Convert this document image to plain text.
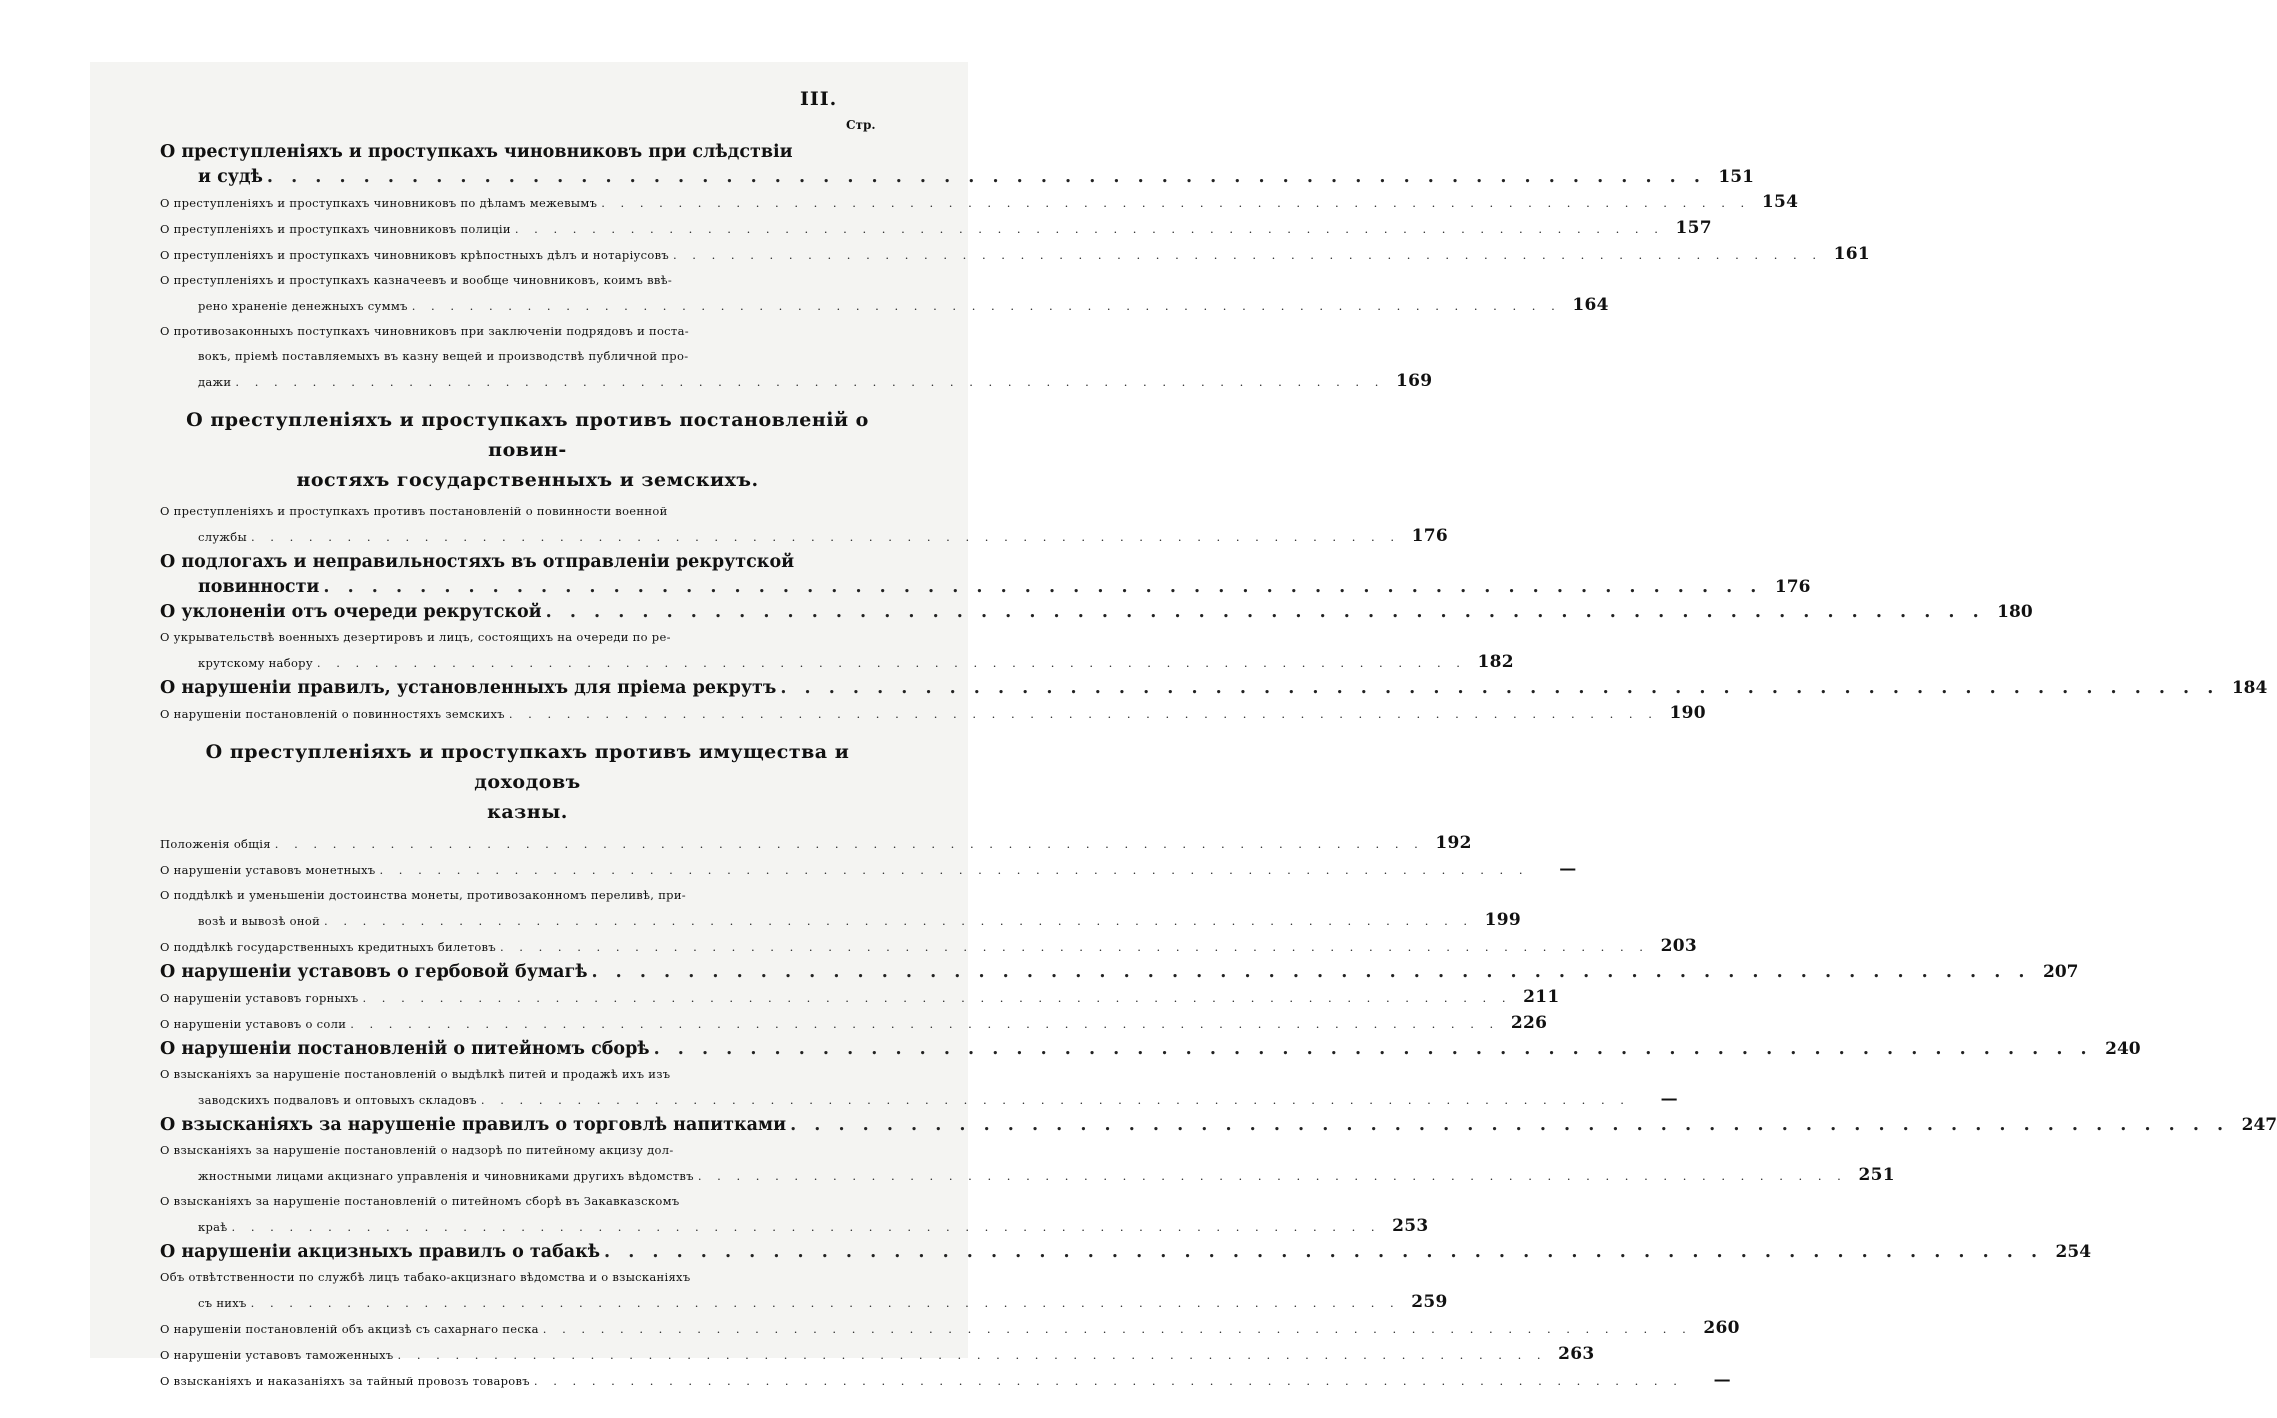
III.
Стр.
О преступленіяхъ и проступкахъ чиновниковъ при слѣдствіи
и судѣ . . . . . . . . . . . . . . . . . . . . . . . . . . . . . . . . . . . . . . . . . . . . . . . . . . . . . . . . . . . . 151
О преступленіяхъ и проступкахъ чиновниковъ по дѣламъ межевымъ . . . . . . . . . . . . . . . . . . . . . . . . . . . . . . . . . . . . . . . . . . . . . . . . . . . . . . . . . . . . 154
О преступленіяхъ и проступкахъ чиновниковъ полиціи . . . . . . . . . . . . . . . . . . . . . . . . . . . . . . . . . . . . . . . . . . . . . . . . . . . . . . . . . . . . 157
О преступленіяхъ и проступкахъ чиновниковъ крѣпостныхъ дѣлъ и нотаріусовъ . . . . . . . . . . . . . . . . . . . . . . . . . . . . . . . . . . . . . . . . . . . . . . . . . . . . . . . . . . . . 161
О преступленіяхъ и проступкахъ казначеевъ и вообще чиновниковъ, коимъ ввѣ-
рено храненіе денежныхъ суммъ . . . . . . . . . . . . . . . . . . . . . . . . . . . . . . . . . . . . . . . . . . . . . . . . . . . . . . . . . . . . 164
О противозаконныхъ поступкахъ чиновниковъ при заключеніи подрядовъ и поста-
вокъ, пріемѣ поставляемыхъ въ казну вещей и производствѣ публичной про-
дажи . . . . . . . . . . . . . . . . . . . . . . . . . . . . . . . . . . . . . . . . . . . . . . . . . . . . . . . . . . . . 169
О преступленіяхъ и проступкахъ противъ постановленій о повин-
ностяхъ государственныхъ и земскихъ.
О преступленіяхъ и проступкахъ противъ постановленій о повинности военной
службы . . . . . . . . . . . . . . . . . . . . . . . . . . . . . . . . . . . . . . . . . . . . . . . . . . . . . . . . . . . . 176
О подлогахъ и неправильностяхъ въ отправленіи рекрутской
повинности . . . . . . . . . . . . . . . . . . . . . . . . . . . . . . . . . . . . . . . . . . . . . . . . . . . . . . . . . . . . 176
О уклоненіи отъ очереди рекрутской . . . . . . . . . . . . . . . . . . . . . . . . . . . . . . . . . . . . . . . . . . . . . . . . . . . . . . . . . . . . 180
О укрывательствѣ военныхъ дезертировъ и лицъ, состоящихъ на очереди по ре-
крутскому набору . . . . . . . . . . . . . . . . . . . . . . . . . . . . . . . . . . . . . . . . . . . . . . . . . . . . . . . . . . . . 182
О нарушеніи правилъ, установленныхъ для пріема рекрутъ . . . . . . . . . . . . . . . . . . . . . . . . . . . . . . . . . . . . . . . . . . . . . . . . . . . . . . . . . . . . 184
О нарушеніи постановленій о повинностяхъ земскихъ . . . . . . . . . . . . . . . . . . . . . . . . . . . . . . . . . . . . . . . . . . . . . . . . . . . . . . . . . . . . 190
О преступленіяхъ и проступкахъ противъ имущества и доходовъ
казны.
Положенія общія . . . . . . . . . . . . . . . . . . . . . . . . . . . . . . . . . . . . . . . . . . . . . . . . . . . . . . . . . . . . 192
О нарушеніи уставовъ монетныхъ . . . . . . . . . . . . . . . . . . . . . . . . . . . . . . . . . . . . . . . . . . . . . . . . . . . . . . . . . . . .	—
О поддѣлкѣ и уменьшеніи достоинства монеты, противозаконномъ переливѣ, при-
возѣ и вывозѣ оной . . . . . . . . . . . . . . . . . . . . . . . . . . . . . . . . . . . . . . . . . . . . . . . . . . . . . . . . . . . . 199
О поддѣлкѣ государственныхъ кредитныхъ билетовъ . . . . . . . . . . . . . . . . . . . . . . . . . . . . . . . . . . . . . . . . . . . . . . . . . . . . . . . . . . . . 203
О нарушеніи уставовъ о гербовой бумагѣ . . . . . . . . . . . . . . . . . . . . . . . . . . . . . . . . . . . . . . . . . . . . . . . . . . . . . . . . . . . . 207
О нарушеніи уставовъ горныхъ . . . . . . . . . . . . . . . . . . . . . . . . . . . . . . . . . . . . . . . . . . . . . . . . . . . . . . . . . . . . 211
О нарушеніи уставовъ о соли . . . . . . . . . . . . . . . . . . . . . . . . . . . . . . . . . . . . . . . . . . . . . . . . . . . . . . . . . . . . 226
О нарушеніи постановленій о питейномъ сборѣ . . . . . . . . . . . . . . . . . . . . . . . . . . . . . . . . . . . . . . . . . . . . . . . . . . . . . . . . . . . . 240
О взысканіяхъ за нарушеніе постановленій о выдѣлкѣ питей и продажѣ ихъ изъ
заводскихъ подваловъ и оптовыхъ складовъ . . . . . . . . . . . . . . . . . . . . . . . . . . . . . . . . . . . . . . . . . . . . . . . . . . . . . . . . . . . .	—
О взысканіяхъ за нарушеніе правилъ о торговлѣ напитками . . . . . . . . . . . . . . . . . . . . . . . . . . . . . . . . . . . . . . . . . . . . . . . . . . . . . . . . . . . . 247
О взысканіяхъ за нарушеніе постановленій о надзорѣ по питейному акцизу дол-
жностными лицами акцизнаго управленія и чиновниками другихъ вѣдомствъ . . . . . . . . . . . . . . . . . . . . . . . . . . . . . . . . . . . . . . . . . . . . . . . . . . . . . . . . . . . . 251
О взысканіяхъ за нарушеніе постановленій о питейномъ сборѣ въ Закавказскомъ
краѣ . . . . . . . . . . . . . . . . . . . . . . . . . . . . . . . . . . . . . . . . . . . . . . . . . . . . . . . . . . . . 253
О нарушеніи акцизныхъ правилъ о табакѣ . . . . . . . . . . . . . . . . . . . . . . . . . . . . . . . . . . . . . . . . . . . . . . . . . . . . . . . . . . . . 254
Объ отвѣтственности по службѣ лицъ табако-акцизнаго вѣдомства и о взысканіяхъ
съ нихъ . . . . . . . . . . . . . . . . . . . . . . . . . . . . . . . . . . . . . . . . . . . . . . . . . . . . . . . . . . . . 259
О нарушеніи постановленій объ акцизѣ съ сахарнаго песка . . . . . . . . . . . . . . . . . . . . . . . . . . . . . . . . . . . . . . . . . . . . . . . . . . . . . . . . . . . . 260
О нарушеніи уставовъ таможенныхъ . . . . . . . . . . . . . . . . . . . . . . . . . . . . . . . . . . . . . . . . . . . . . . . . . . . . . . . . . . . . 263
О взысканіяхъ и наказаніяхъ за тайный провозъ товаровъ . . . . . . . . . . . . . . . . . . . . . . . . . . . . . . . . . . . . . . . . . . . . . . . . . . . . . . . . . . . .	—
